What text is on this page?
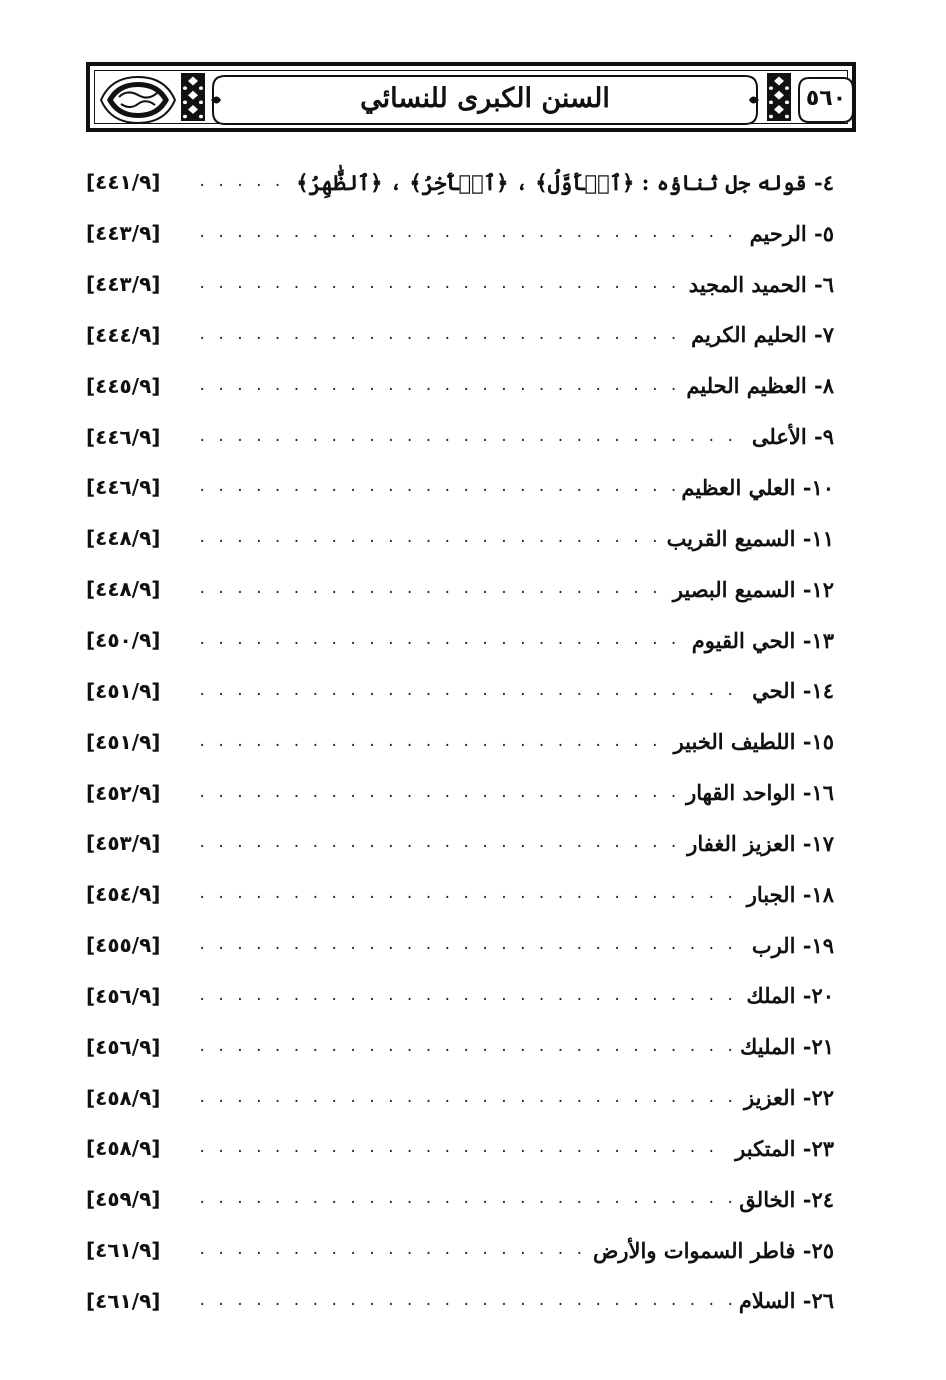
السنن الكبرى للنسائي	٥٦٠
٤- قوله جل ثناؤه : ﴿ٱلۡأَوَّلُ﴾ ، ﴿ٱلۡأٓخِرُ﴾ ، ﴿ٱلظَّٰهِرُ﴾
. . .
[٤٤١/٩]
٥- الرحيم
. . .
[٤٤٣/٩]
٦- الحميد المجيد
. . .
[٤٤٣/٩]
٧- الحليم الكريم
. . .
[٤٤٤/٩]
٨- العظيم الحليم
. . .
[٤٤٥/٩]
٩- الأعلى
. . .
[٤٤٦/٩]
١٠- العلي العظيم
. . .
[٤٤٦/٩]
١١- السميع القريب
. . .
[٤٤٨/٩]
١٢- السميع البصير
. . .
[٤٤٨/٩]
١٣- الحي القيوم
. . .
[٤٥٠/٩]
١٤- الحي
. . .
[٤٥١/٩]
١٥- اللطيف الخبير
. . .
[٤٥١/٩]
١٦- الواحد القهار
. . .
[٤٥٢/٩]
١٧- العزيز الغفار
. . .
[٤٥٣/٩]
١٨- الجبار
. . .
[٤٥٤/٩]
١٩- الرب
. . .
[٤٥٥/٩]
٢٠- الملك
. . .
[٤٥٦/٩]
٢١- المليك
. . .
[٤٥٦/٩]
٢٢- العزيز
. . .
[٤٥٨/٩]
٢٣- المتكبر
. . .
[٤٥٨/٩]
٢٤- الخالق
. . .
[٤٥٩/٩]
٢٥- فاطر السموات والأرض
. . .
[٤٦١/٩]
٢٦- السلام
. . .
[٤٦١/٩]
